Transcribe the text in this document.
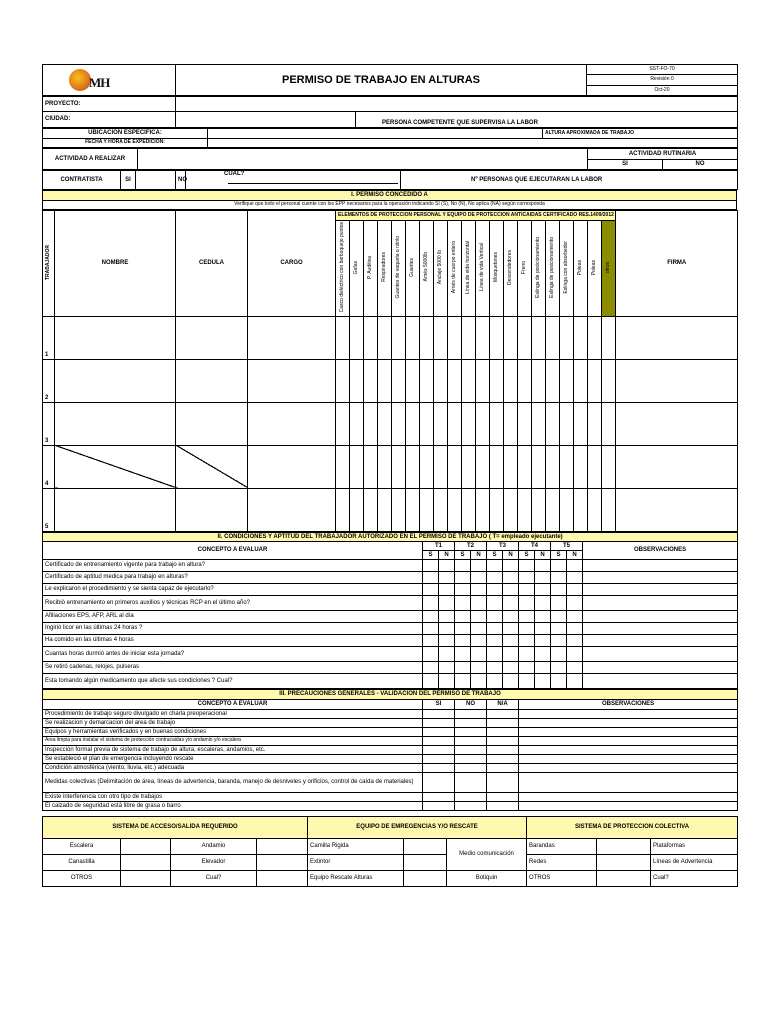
MH	PERMISO DE TRABAJO EN ALTURAS	SST-FO-70
Revisión 0
Oct-20
PROYECTO:		
CIUDAD:		PERSONA COMPETENTE QUE SUPERVISA LA LABOR
UBICACIÓN ESPECIFICA:		ALTURA APROXIMADA DE TRABAJO
FECHA Y HORA DE EXPEDICIÓN:		
ACTIVIDAD A REALIZAR		ACTIVIDAD RUTINARIA	
		SI	NO
CONTRATISTA	SI		NO	CUAL?
	Nº PERSONAS QUE EJECUTARAN LA LABOR
I. PERMISO CONCEDIDO A
Verifique que todo el personal cuente con los EPP necesarios para la operación indicando SI (S), No (N), No aplica (NA) según corresponda
TRABAJADOR	NOMBRE	CEDULA	CARGO	ELEMENTOS DE PROTECCION PERSONAL Y EQUIPO DE PROTECCION ANTICAIDAS CERTIFICADO RES.1409/2012																				FIRMA
				Casco dieléctrico con barbuquejo puntos	Gafas	P. Auditiva	Respiradores	Guantes de vaqueta o nitrilo	Guantes	Arnés 5000lb	Anclaje 5000 lb	Arnés de cuerpo entero	Línea de vida horizontal	Línea de vida Vertical	Mosquetones	Descendedores	Freno	Eslinga de posicionamiento	Eslinga de posicionamiento	Eslinga con absorbedor	Poleas	Poleas	otros	
1																								
2																								
3																								
4																								
5																								
II. CONDICIONES Y APTITUD DEL TRABAJADOR AUTORIZADO EN EL PERMISO DE TRABAJO ( T= empleado ejecutante)											
CONCEPTO A EVALUAR	T1		T2		T3		T4		T5		OBSERVACIONES
	S	N	S	N	S	N	S	N	S	N	
Certificado de entrenamiento vigente para trabajo en altura?											
Certificado de aptitud medica para trabajo en alturas?											
Le explicaron el procedimiento y se sienta capaz de ejecutarlo?											
Recibió entrenamiento en primeros auxilios y técnicas RCP en el último año?											
Afiliaciones EPS, AFP, ARL al día											
Ingirió licor en las últimas 24 horas ?											
Ha comido en las últimas 4 horas											
Cuantas horas durmió antes de iniciar esta jornada?											
Se retiró cadenas, relojes, pulseras											
Esta tomando algún medicamento que afecte sus condiciones ? Cual?											
III. PRECAUCIONES GENERALES - VALIDACION DEL PERMISO DE TRABAJO				
CONCEPTO A EVALUAR	SI	NO	N/A	OBSERVACIONES
Procedimiento de trabajo seguro divulgado en charla preoperacional				
Se realizacion y demarcacion del area de trabajo				
Equipos y herramientas verificados y en buenas condiciones				
Área limpia para instalar el sistema de protección contracaidas y/o andamio y/o escalera				
Inspección formal previa de sistema de trabajo de altura, escaleras, andamios, etc.				
Se estableció el plan de emergencia incluyendo rescate				
Condición atmosférica (viento, lluvia, etc.) adecuada				
Medidas colectivas (Delimitación de área, líneas de advertencia, baranda, manejo de desniveles y orificios, control de caída de materiales)				
Existe interferencia con otro tipo de trabajos				
El calzado de seguridad está libre de grasa o barro				
SISTEMA DE ACCESO/SALIDA REQUERIDO				EQUIPO DE EMREGENCIAS Y/O RESCATE			SISTEMA DE PROTECCION COLECTIVA		
Escalera		Andamio		Camilla Rigida		Medio comunicación	Barandas		Plataformas
Canastilla		Elevador		Extintor			Redes		Líneas de Advertencia
OTROS		Cual?		Equipo Rescate Alturas		Botiquin	OTROS		Cual?
